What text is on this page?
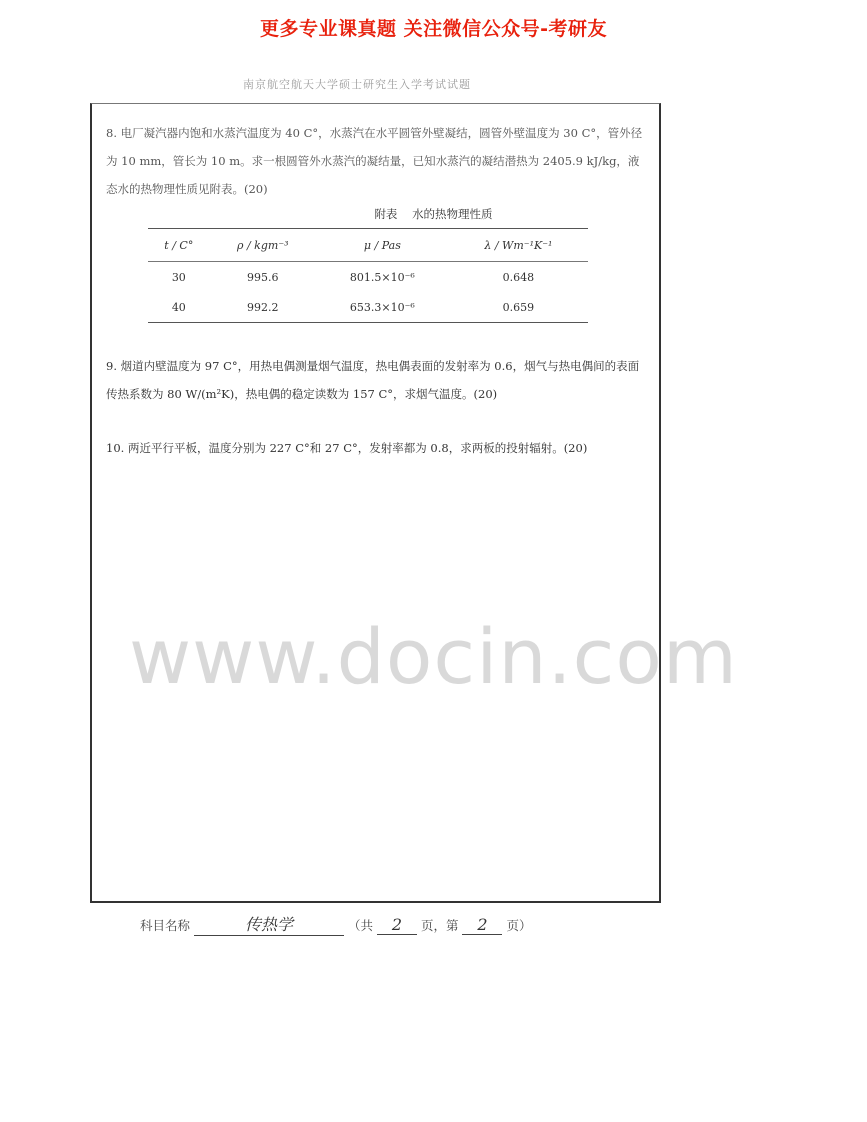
更多专业课真题 关注微信公众号-考研友
南京航空航天大学硕士研究生入学考试试题
8. 电厂凝汽器内饱和水蒸汽温度为 40 C°，水蒸汽在水平圆管外壁凝结，圆管外壁温度为 30 C°，管外径为 10 mm，管长为 10 m。求一根圆管外水蒸汽的凝结量，已知水蒸汽的凝结潜热为 2405.9 kJ/kg，液态水的热物理性质见附表。(20)
附表 水的热物理性质
t / C°	ρ / kgm⁻³	μ / Pas	λ / Wm⁻¹K⁻¹
30	995.6	801.5×10⁻⁶	0.648
40	992.2	653.3×10⁻⁶	0.659
9. 烟道内壁温度为 97 C°，用热电偶测量烟气温度，热电偶表面的发射率为 0.6，烟气与热电偶间的表面传热系数为 80 W/(m²K)，热电偶的稳定读数为 157 C°，求烟气温度。(20)
10. 两近平行平板，温度分别为 227 C°和 27 C°，发射率都为 0.8，求两板的投射辐射。(20)
www.docin.com
科目名称	传热学	（共 2 页，第 2 页）
